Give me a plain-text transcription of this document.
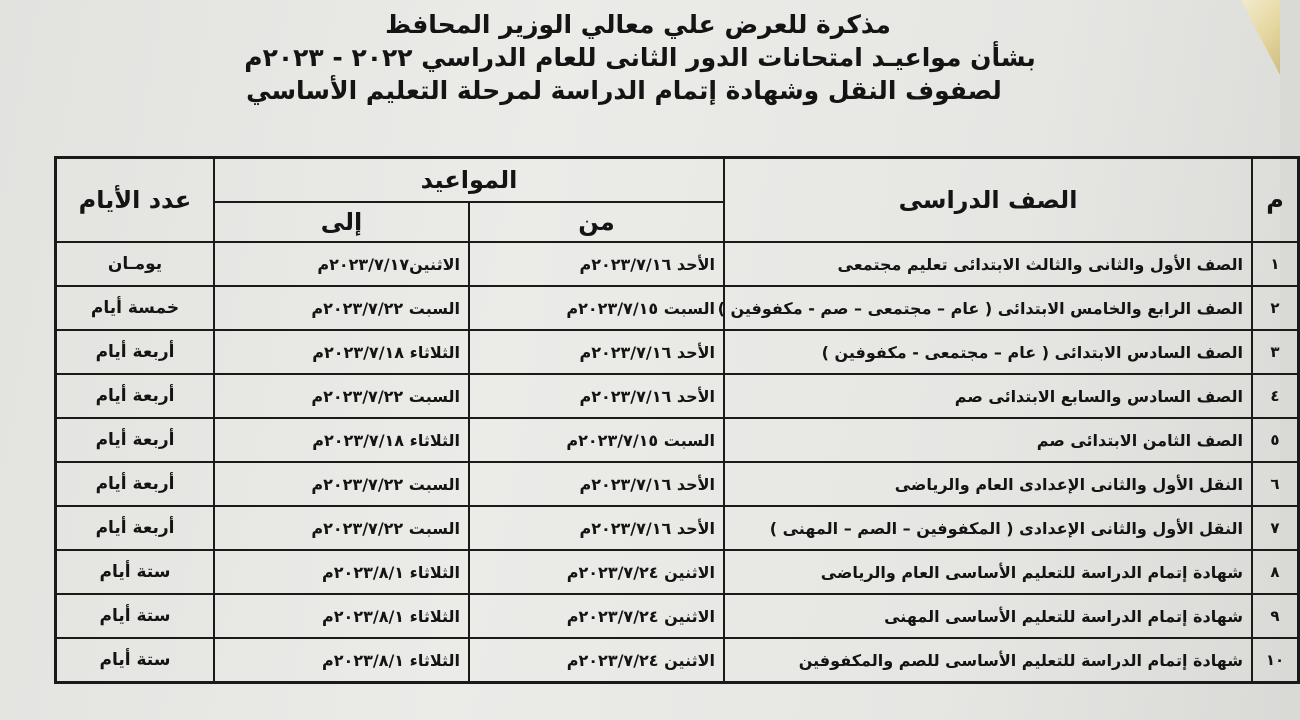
مذكرة للعرض علي معالي الوزير المحافظ
بشأن مواعيـد امتحانات الدور الثانى للعام الدراسي ٢٠٢٢ - ٢٠٢٣م
لصفوف النقل وشهادة إتمام الدراسة لمرحلة التعليم الأساسي
م	الصف الدراسى	المواعيد		عدد الأيام
		من	إلى	
١	الصف الأول والثانى والثالث الابتدائى تعليم مجتمعى	الأحد ٢٠٢٣/٧/١٦م	الاثنين٢٠٢٣/٧/١٧م	يومـان
٢	الصف الرابع والخامس الابتدائى ( عام – مجتمعى – صم - مكفوفين )	السبت ٢٠٢٣/٧/١٥م	السبت ٢٠٢٣/٧/٢٢م	خمسة أيام
٣	الصف السادس الابتدائى ( عام – مجتمعى - مكفوفين )	الأحد ٢٠٢٣/٧/١٦م	الثلاثاء ٢٠٢٣/٧/١٨م	أربعة أيام
٤	الصف السادس والسابع الابتدائى صم	الأحد ٢٠٢٣/٧/١٦م	السبت ٢٠٢٣/٧/٢٢م	أربعة أيام
٥	الصف الثامن الابتدائى صم	السبت ٢٠٢٣/٧/١٥م	الثلاثاء ٢٠٢٣/٧/١٨م	أربعة أيام
٦	النقل الأول والثانى الإعدادى العام والرياضى	الأحد ٢٠٢٣/٧/١٦م	السبت ٢٠٢٣/٧/٢٢م	أربعة أيام
٧	النقل الأول والثانى الإعدادى ( المكفوفين – الصم – المهنى )	الأحد ٢٠٢٣/٧/١٦م	السبت ٢٠٢٣/٧/٢٢م	أربعة أيام
٨	شهادة إتمام الدراسة للتعليم الأساسى العام والرياضى	الاثنين ٢٠٢٣/٧/٢٤م	الثلاثاء ٢٠٢٣/٨/١م	ستة أيام
٩	شهادة إتمام الدراسة للتعليم الأساسى المهنى	الاثنين ٢٠٢٣/٧/٢٤م	الثلاثاء ٢٠٢٣/٨/١م	ستة أيام
١٠	شهادة إتمام الدراسة للتعليم الأساسى للصم والمكفوفين	الاثنين ٢٠٢٣/٧/٢٤م	الثلاثاء ٢٠٢٣/٨/١م	ستة أيام
